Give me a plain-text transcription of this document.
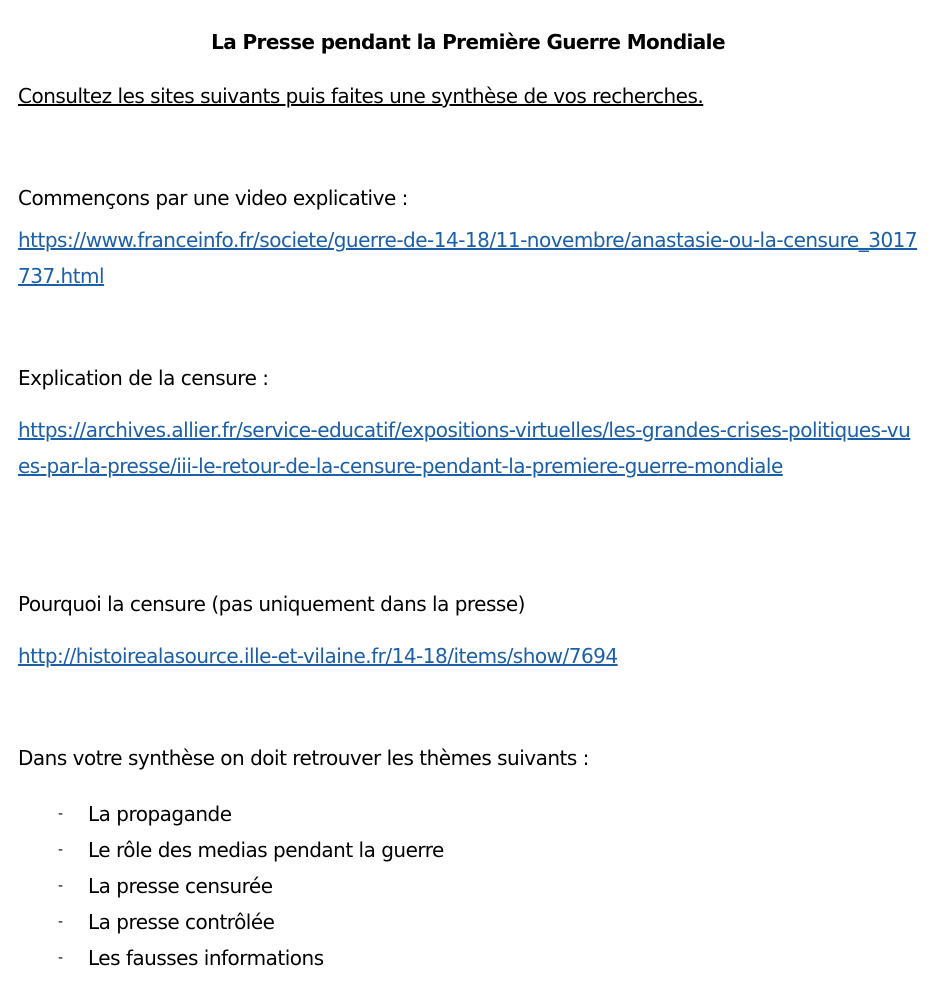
La Presse pendant la Première Guerre Mondiale
Consultez les sites suivants puis faites une synthèse de vos recherches.
Commençons par une video explicative :
https://www.franceinfo.fr/societe/guerre-de-14-18/11-novembre/anastasie-ou-la-censure_3017737.html
Explication de la censure :
https://archives.allier.fr/service-educatif/expositions-virtuelles/les-grandes-crises-politiques-vues-par-la-presse/iii-le-retour-de-la-censure-pendant-la-premiere-guerre-mondiale
Pourquoi la censure (pas uniquement dans la presse)
http://histoirealasource.ille-et-vilaine.fr/14-18/items/show/7694
Dans votre synthèse on doit retrouver les thèmes suivants :
- La propagande
- Le rôle des medias pendant la guerre
- La presse censurée
- La presse contrôlée
- Les fausses informations
